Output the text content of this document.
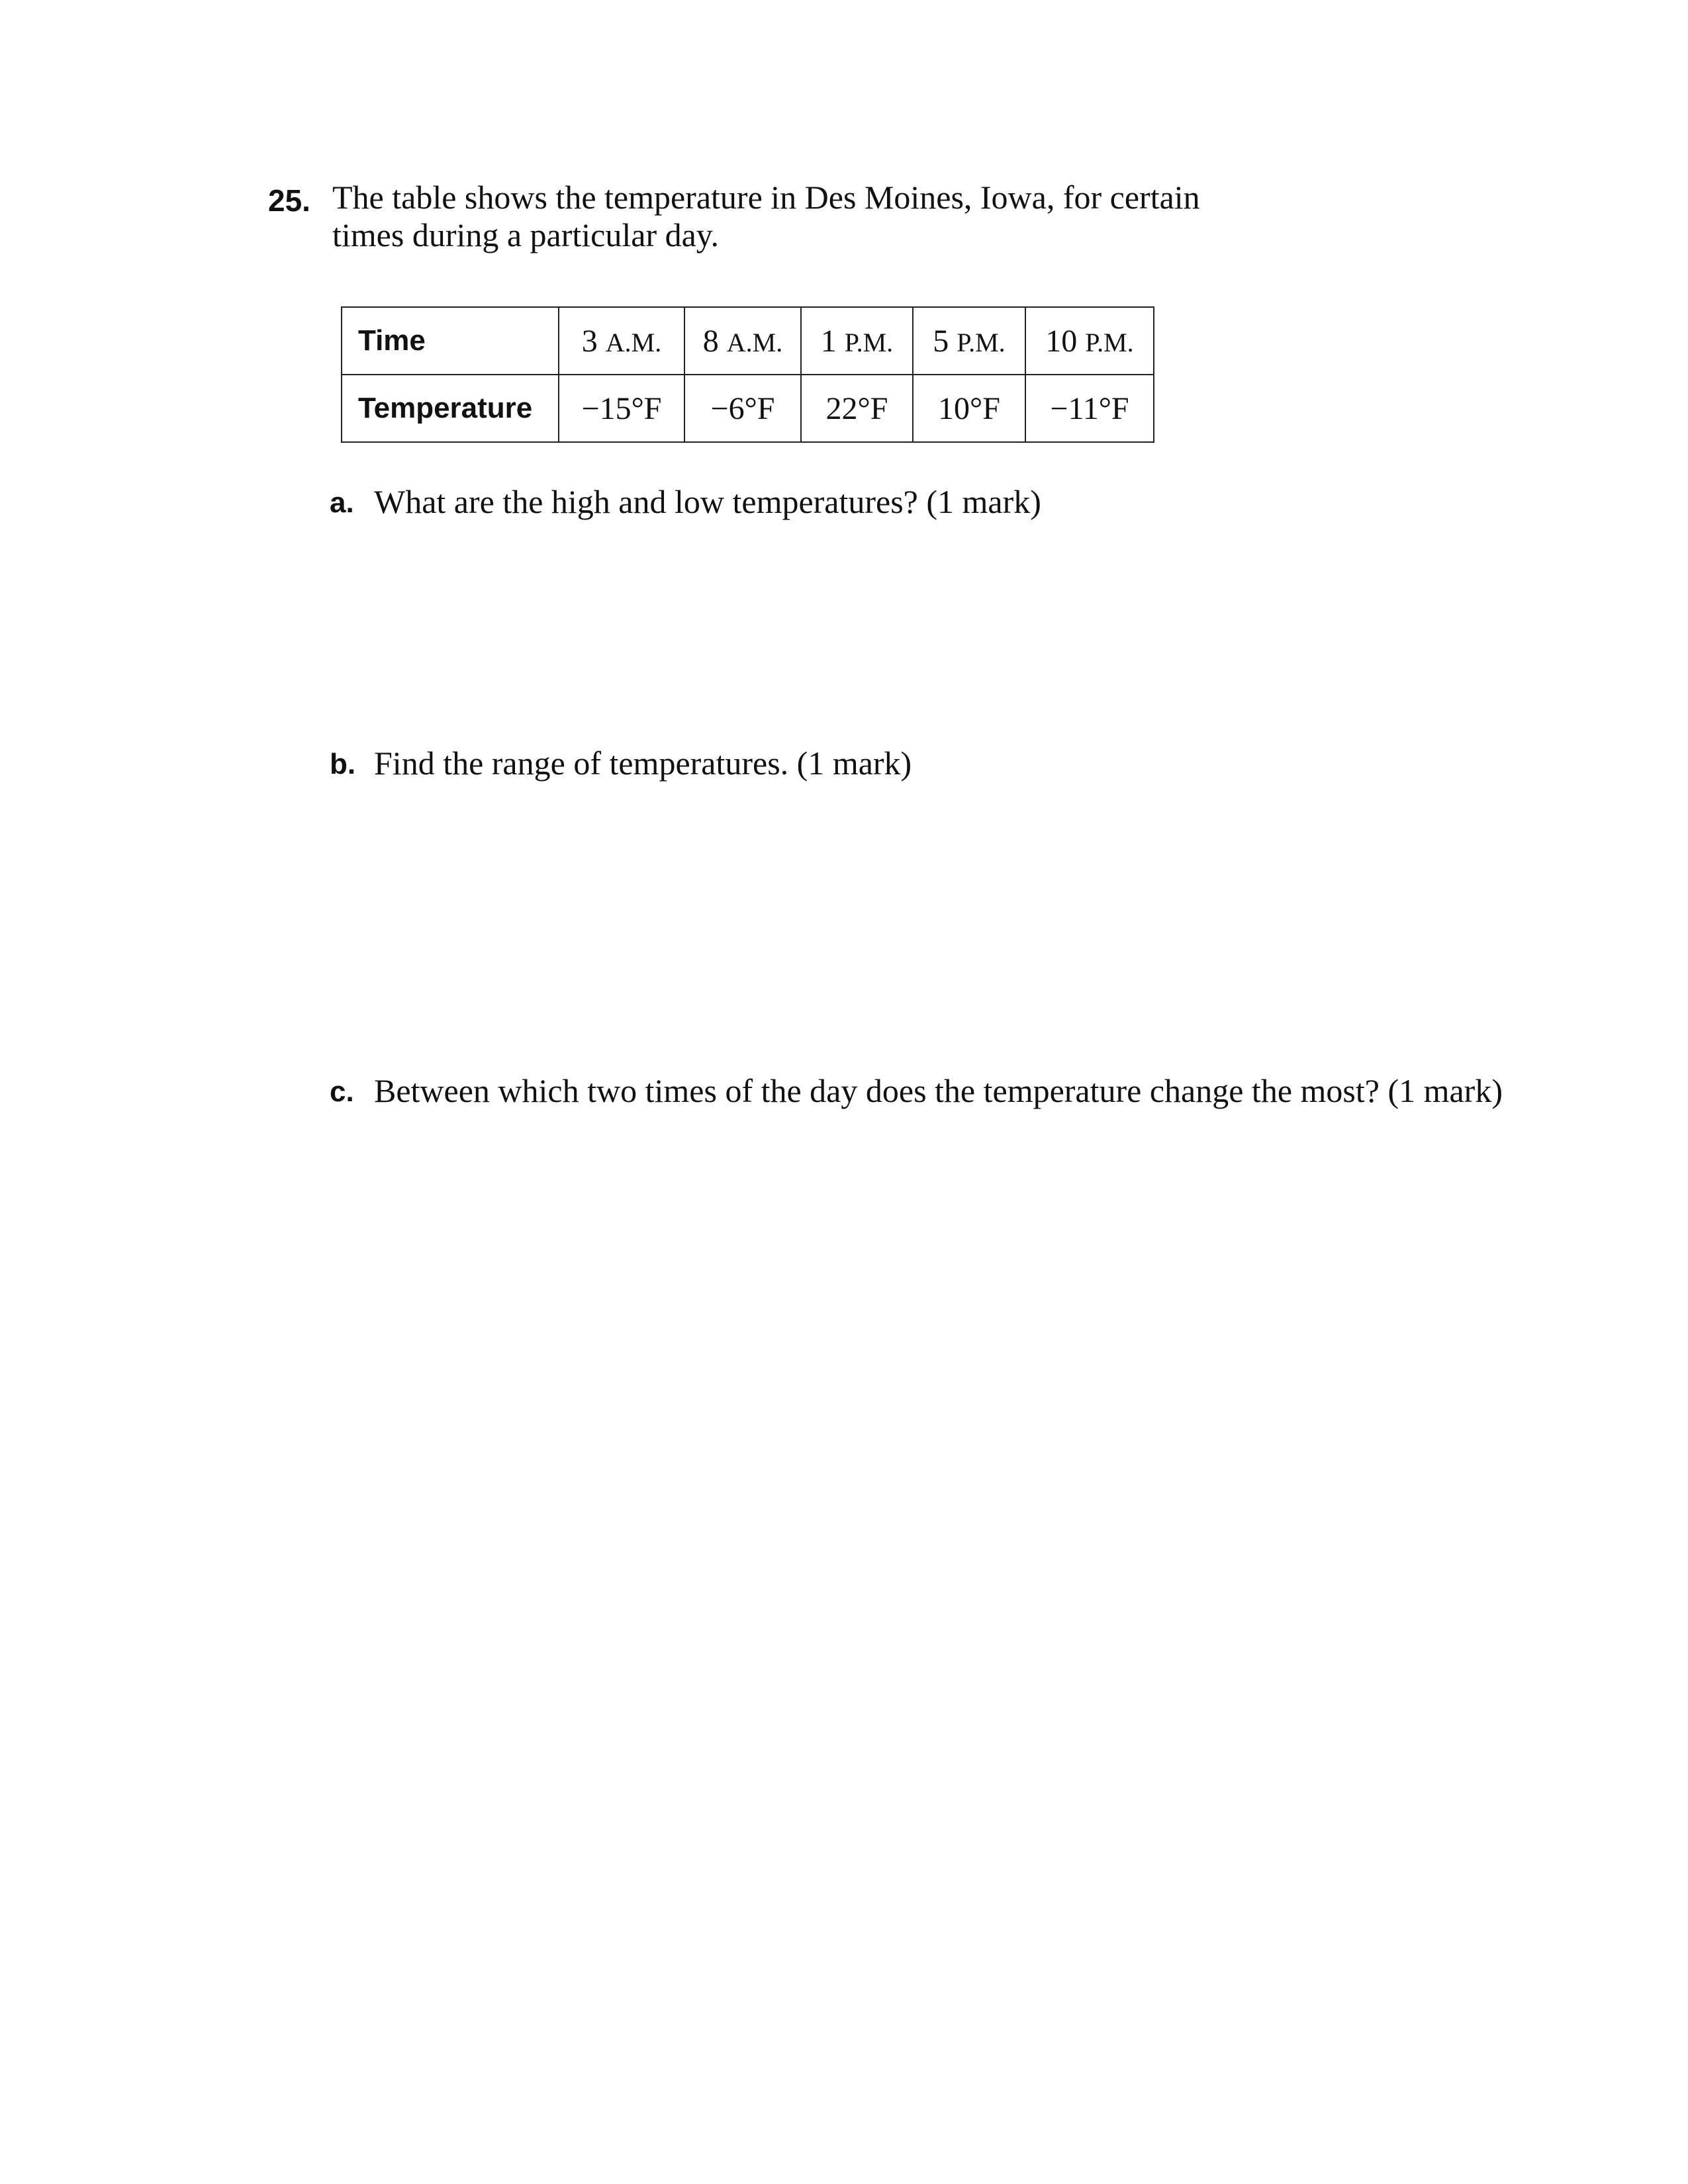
25. The table shows the temperature in Des Moines, Iowa, for certain times during a particular day.
Time	3 A.M.	8 A.M.	1 P.M.	5 P.M.	10 P.M.
Temperature	−15°F	−6°F	22°F	10°F	−11°F
a. What are the high and low temperatures? (1 mark)
b. Find the range of temperatures. (1 mark)
c. Between which two times of the day does the temperature change the most? (1 mark)
